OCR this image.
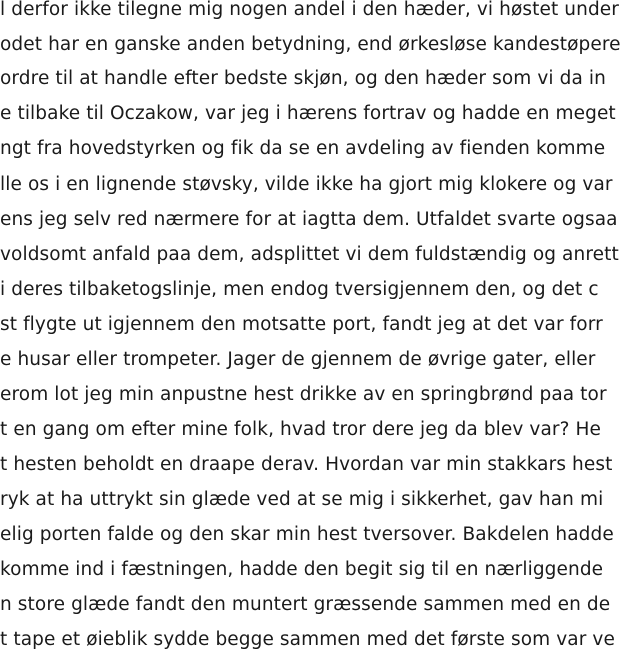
l derfor ikke tilegne mig nogen andel i den hæder, vi høstet under

odet har en ganske anden betydning, end ørkesløse kandestøpere

ordre til at handle efter bedste skjøn, og den hæder som vi da in

e tilbake til Oczakow, var jeg i hærens fortrav og hadde en meget

ngt fra hovedstyrken og fik da se en avdeling av fienden komme

lle os i en lignende støvsky, vilde ikke ha gjort mig klokere og var

ens jeg selv red nærmere for at iagtta dem. Utfaldet svarte ogsaa

voldsomt anfald paa dem, adsplittet vi dem fuldstændig og anrett

i deres tilbaketogslinje, men endog tversigjennem den, og det c

st flygte ut igjennem den motsatte port, fandt jeg at det var forr

e husar eller trompeter. Jager de gjennem de øvrige gater, eller

erom lot jeg min anpustne hest drikke av en springbrønd paa tor

t en gang om efter mine folk, hvad tror dere jeg da blev var? He

t hesten beholdt en draape derav. Hvordan var min stakkars hest

ryk at ha uttrykt sin glæde ved at se mig i sikkerhet, gav han mi

elig porten falde og den skar min hest tversover. Bakdelen hadde

komme ind i fæstningen, hadde den begit sig til en nærliggende

n store glæde fandt den muntert græssende sammen med en de

t tape et øieblik sydde begge sammen med det første som var ve
